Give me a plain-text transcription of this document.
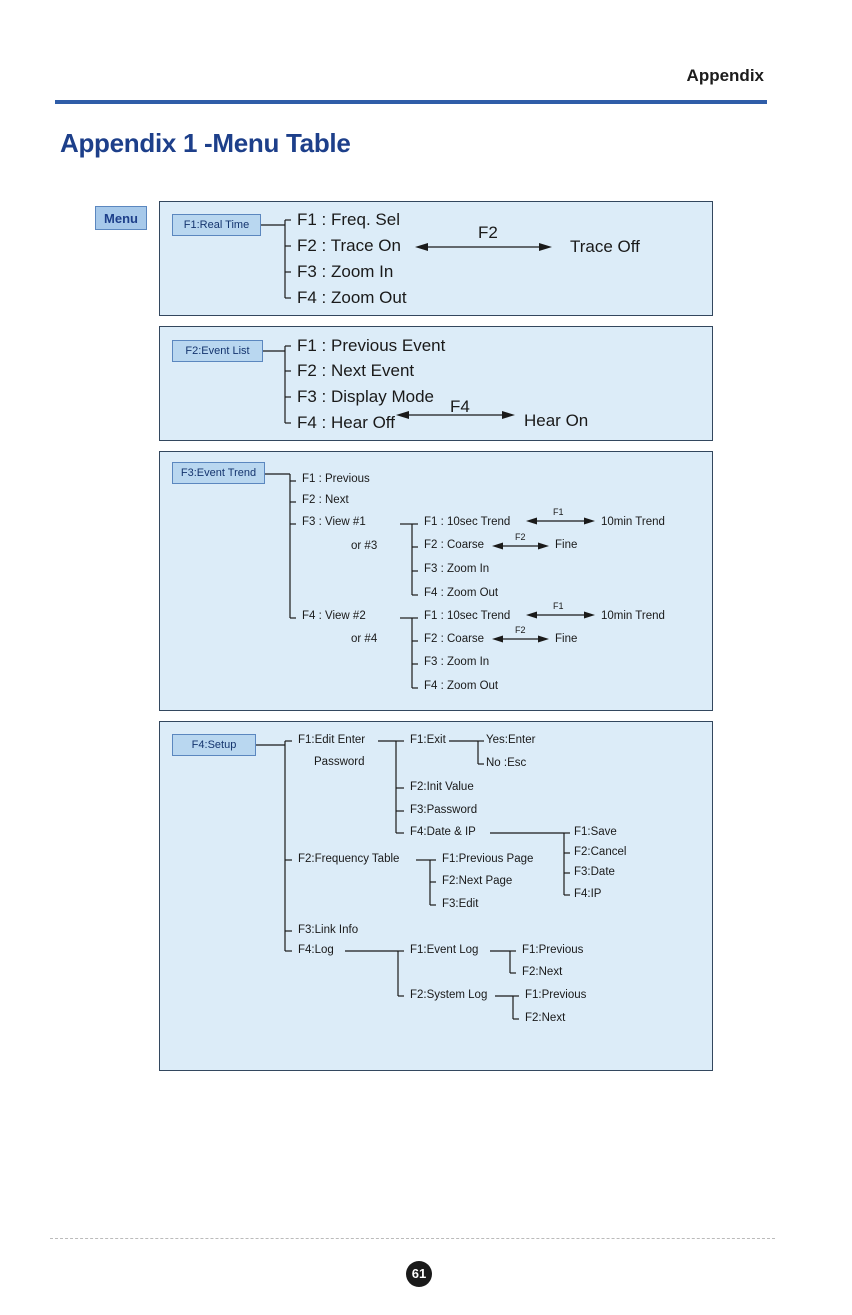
Appendix
Appendix 1 -Menu Table
Menu	F1:Real Time	F1 : Freq. Sel
F2 : Trace On
F3 : Zoom In
F4 : Zoom Out
F2
Trace Off
F2:Event List	F1 : Previous Event
F2 : Next Event
F3 : Display Mode
F4 : Hear Off
F4
Hear On
F3:Event Trend	F1 : Previous
F2 : Next
F3 : View #1
or #3
F4 : View #2
or #4
F1 : 10sec Trend
F2 : Coarse
F3 : Zoom In
F4 : Zoom Out
F1
10min Trend
F2
Fine
F1 : 10sec Trend
F2 : Coarse
F3 : Zoom In
F4 : Zoom Out
F1
10min Trend
F2
Fine
F4:Setup	F1:Edit Enter
Password
F1:Exit	Yes:Enter
No :Esc
F2:Init Value
F3:Password
F4:Date & IP	F1:Save
F2:Cancel
F3:Date
F4:IP
F2:Frequency Table	F1:Previous Page
F2:Next Page
F3:Edit
F3:Link Info
F4:Log	F1:Event Log
F2:System Log
F1:Previous
F2:Next
F1:Previous
F2:Next
61
